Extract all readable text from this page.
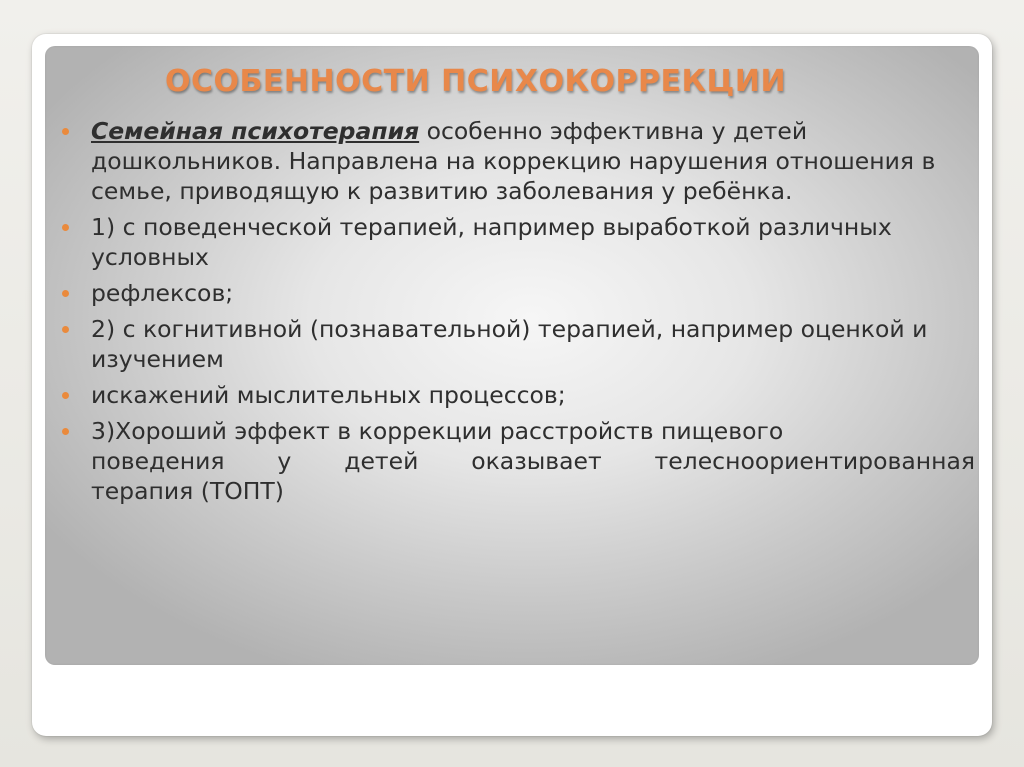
ОСОБЕННОСТИ ПСИХОКОРРЕКЦИИ
Семейная психотерапия особенно эффективна у детей дошкольников. Направлена на коррекцию нарушения отношения в семье, приводящую к развитию заболевания у ребёнка.
1) с поведенческой терапией, например выработкой различных условных
рефлексов;
2) с когнитивной (познавательной) терапией, например оценкой и изучением
искажений мыслительных процессов;
3)Хороший эффект в коррекции расстройств пищевого
поведения у детей оказывает телесноориентированная
терапия (ТОПТ)
